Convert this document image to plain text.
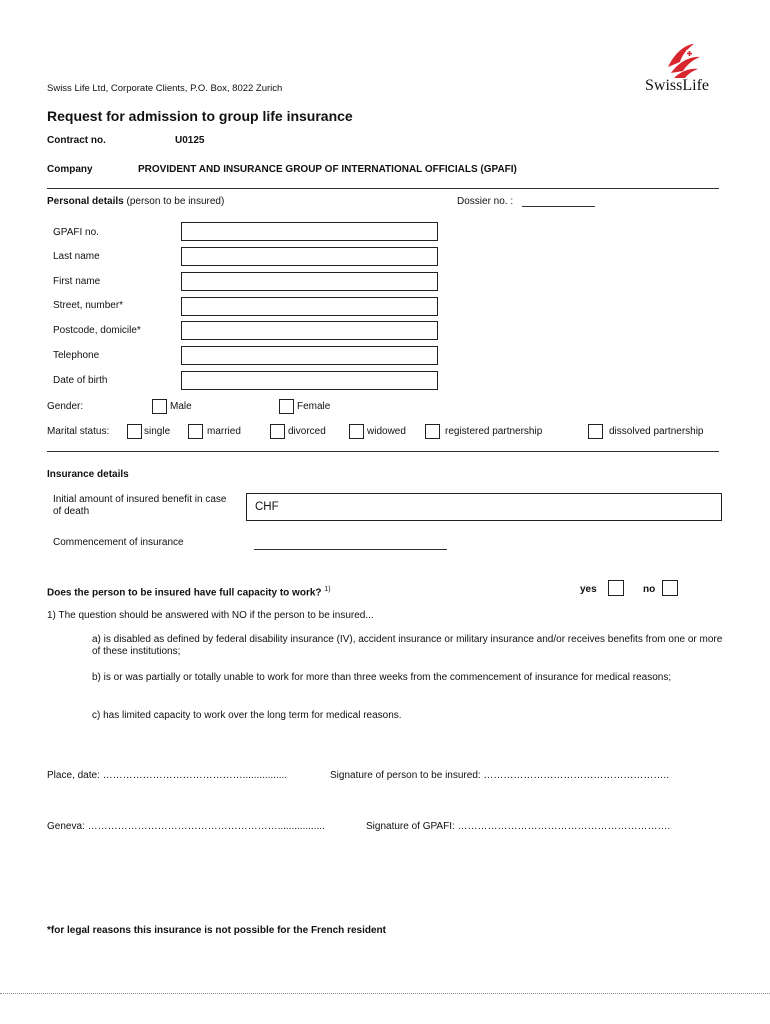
Swiss Life Ltd, Corporate Clients, P.O. Box, 8022 Zurich	SwissLife
Request for admission to group life insurance
Contract no.	U0125
Company	PROVIDENT AND INSURANCE GROUP OF INTERNATIONAL OFFICIALS (GPAFI)
Personal details (person to be insured)	Dossier no. :
GPAFI no.
Last name
First name
Street, number*
Postcode, domicile*
Telephone
Date of birth
Gender:	Male	Female
Marital status:	single	married	divorced	widowed	registered partnership	dissolved partnership
Insurance details
Initial amount of insured benefit in case of death	CHF
Commencement of insurance
Does the person to be insured have full capacity to work? $^{1)}$	yes	no
1) The question should be answered with NO if the person to be insured...
a) is disabled as defined by federal disability insurance (IV), accident insurance or military insurance and/or receives benefits from one or more of these institutions;
b) is or was partially or totally unable to work for more than three weeks from the commencement of insurance for medical reasons;
c) has limited capacity to work over the long term for medical reasons.
Place, date: ……………………………………................	Signature of person to be insured: ………………………………………………..
Geneva: ………………………………………………….................	Signature of GPAFI: ……………………………………………………….
*for legal reasons this insurance is not possible for the French resident
